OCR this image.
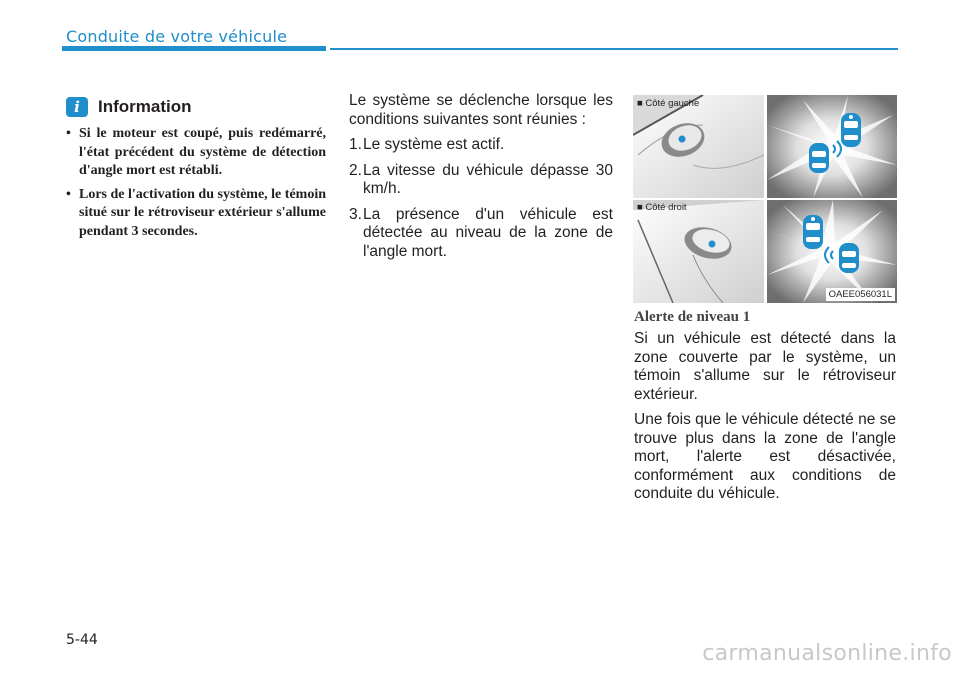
Conduite de votre véhicule
i	Information
• Si le moteur est coupé, puis redémarré, l'état précédent du système de détection d'angle mort est rétabli.
• Lors de l'activation du système, le témoin situé sur le rétroviseur extérieur s'allume pendant 3 secondes.

Le système se déclenche lorsque les conditions suivantes sont réunies :

1. Le système est actif.
2. La vitesse du véhicule dépasse 30 km/h.
3. La présence d'un véhicule est détectée au niveau de la zone de l'angle mort.
■ Côté gauche
■ Côté droit
OAEE056031L
Alerte de niveau 1

Si un véhicule est détecté dans la zone couverte par le système, un témoin s'allume sur le rétroviseur extérieur.

Une fois que le véhicule détecté ne se trouve plus dans la zone de l'angle mort, l'alerte est désactivée, conformément aux conditions de conduite du véhicule.

5-44
carmanualsonline.info
